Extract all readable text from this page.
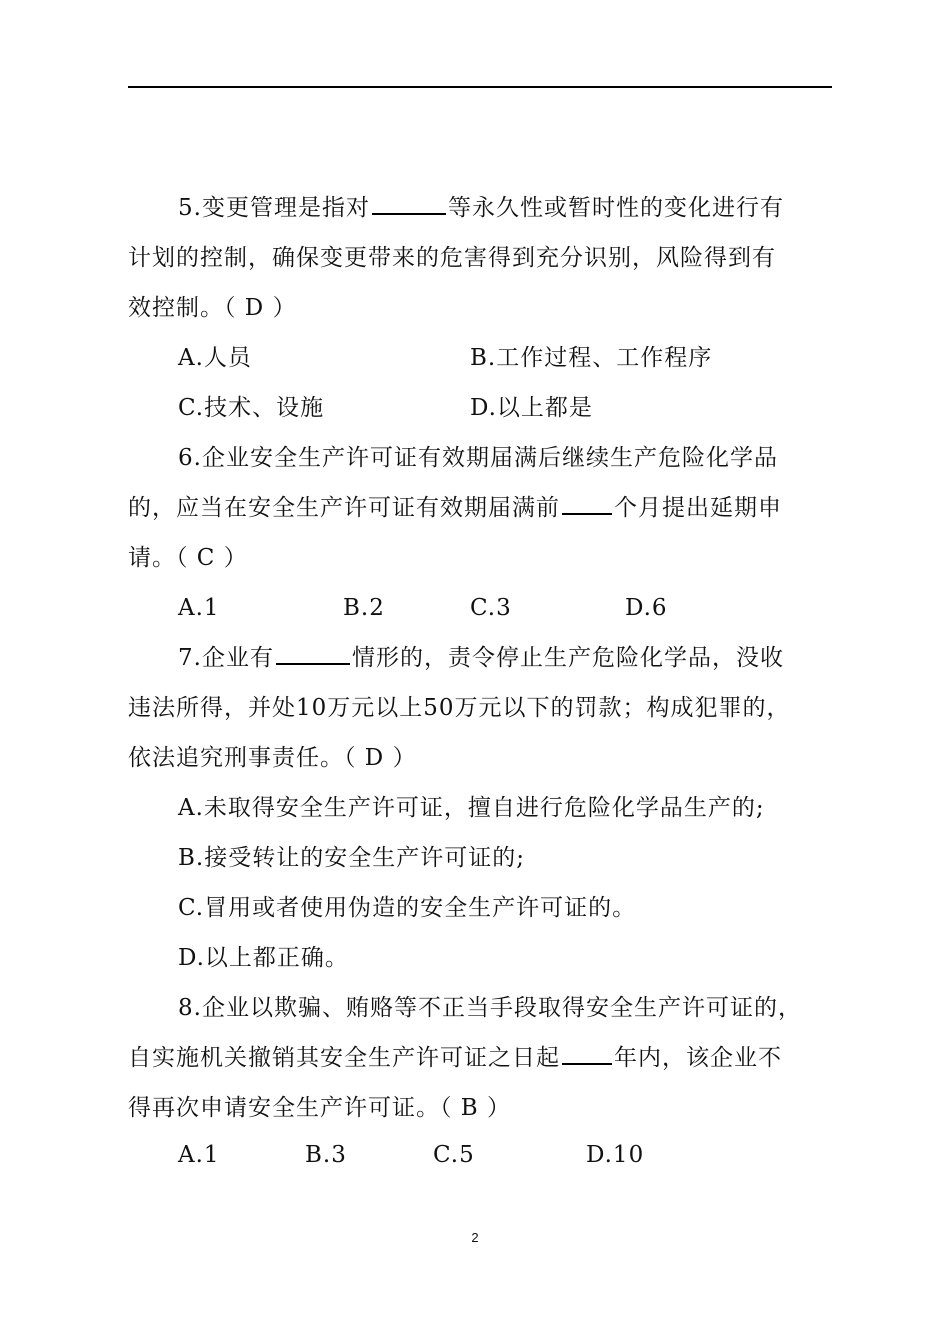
5.变更管理是指对	等永久性或暂时性的变化进行有
计划的控制，确保变更带来的危害得到充分识别，风险得到有
效控制。（ D ）
A.人员	B.工作过程、工作程序
C.技术、设施	D.以上都是
6.企业安全生产许可证有效期届满后继续生产危险化学品
的，应当在安全生产许可证有效期届满前 个月提出延期申
请。（ C ）
A.1	B.2	C.3	D.6
7.企业有	情形的，责令停止生产危险化学品，没收
违法所得，并处10万元以上50万元以下的罚款；构成犯罪的，
依法追究刑事责任。（ D ）
A.未取得安全生产许可证，擅自进行危险化学品生产的;
B.接受转让的安全生产许可证的;
C.冒用或者使用伪造的安全生产许可证的。
D.以上都正确。
8.企业以欺骗、贿赂等不正当手段取得安全生产许可证的，
自实施机关撤销其安全生产许可证之日起 年内，该企业不
得再次申请安全生产许可证。（ B ）
A.1	B.3	C.5	D.10
2
